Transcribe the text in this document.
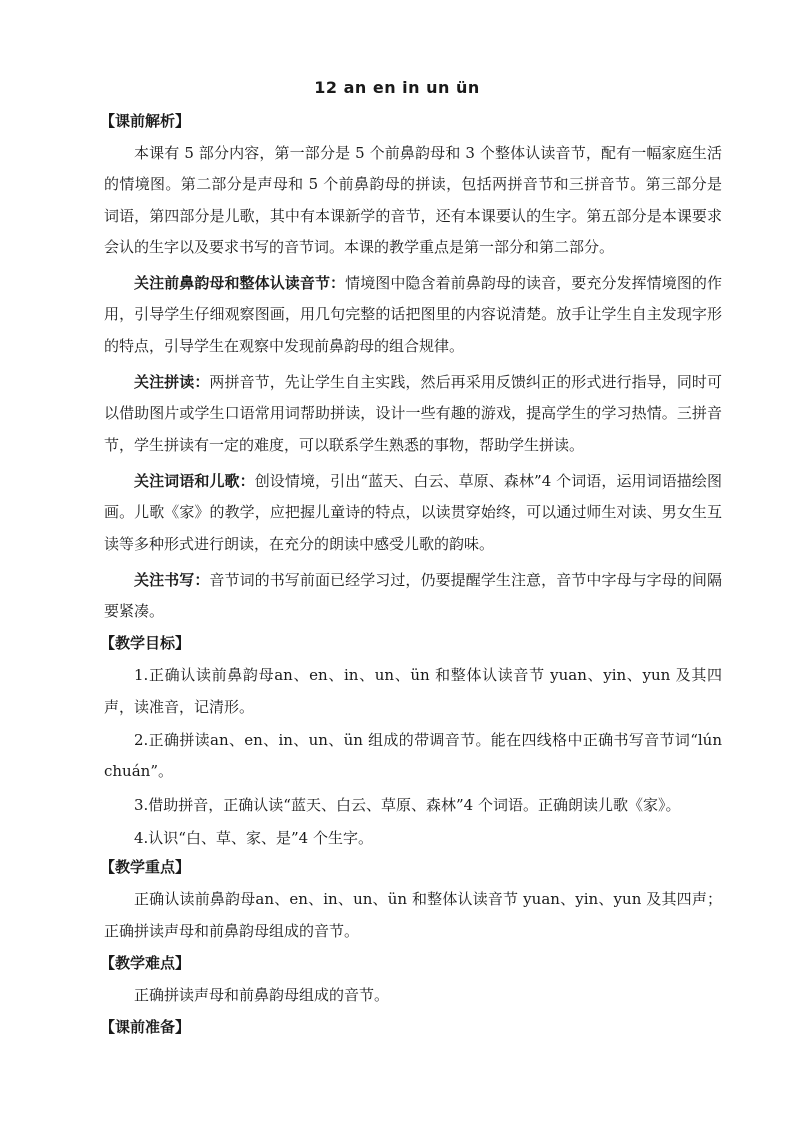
12 an en in un ün
【课前解析】

本课有 5 部分内容，第一部分是 5 个前鼻韵母和 3 个整体认读音节，配有一幅家庭生活的情境图。第二部分是声母和 5 个前鼻韵母的拼读，包括两拼音节和三拼音节。第三部分是词语，第四部分是儿歌，其中有本课新学的音节，还有本课要认的生字。第五部分是本课要求会认的生字以及要求书写的音节词。本课的教学重点是第一部分和第二部分。

关注前鼻韵母和整体认读音节：情境图中隐含着前鼻韵母的读音，要充分发挥情境图的作用，引导学生仔细观察图画，用几句完整的话把图里的内容说清楚。放手让学生自主发现字形的特点，引导学生在观察中发现前鼻韵母的组合规律。

关注拼读：两拼音节，先让学生自主实践，然后再采用反馈纠正的形式进行指导，同时可以借助图片或学生口语常用词帮助拼读，设计一些有趣的游戏，提高学生的学习热情。三拼音节，学生拼读有一定的难度，可以联系学生熟悉的事物，帮助学生拼读。

关注词语和儿歌：创设情境，引出“蓝天、白云、草原、森林”4 个词语，运用词语描绘图画。儿歌《家》的教学，应把握儿童诗的特点，以读贯穿始终，可以通过师生对读、男女生互读等多种形式进行朗读，在充分的朗读中感受儿歌的韵味。

关注书写：音节词的书写前面已经学习过，仍要提醒学生注意，音节中字母与字母的间隔要紧凑。

【教学目标】

1.正确认读前鼻韵母an、en、in、un、ün 和整体认读音节 yuan、yin、yun 及其四声，读准音，记清形。

2.正确拼读an、en、in、un、ün 组成的带调音节。能在四线格中正确书写音节词“lún chuán”。

3.借助拼音，正确认读“蓝天、白云、草原、森林”4 个词语。正确朗读儿歌《家》。

4.认识“白、草、家、是”4 个生字。

【教学重点】

正确认读前鼻韵母an、en、in、un、ün 和整体认读音节 yuan、yin、yun 及其四声；正确拼读声母和前鼻韵母组成的音节。

【教学难点】

正确拼读声母和前鼻韵母组成的音节。

【课前准备】
